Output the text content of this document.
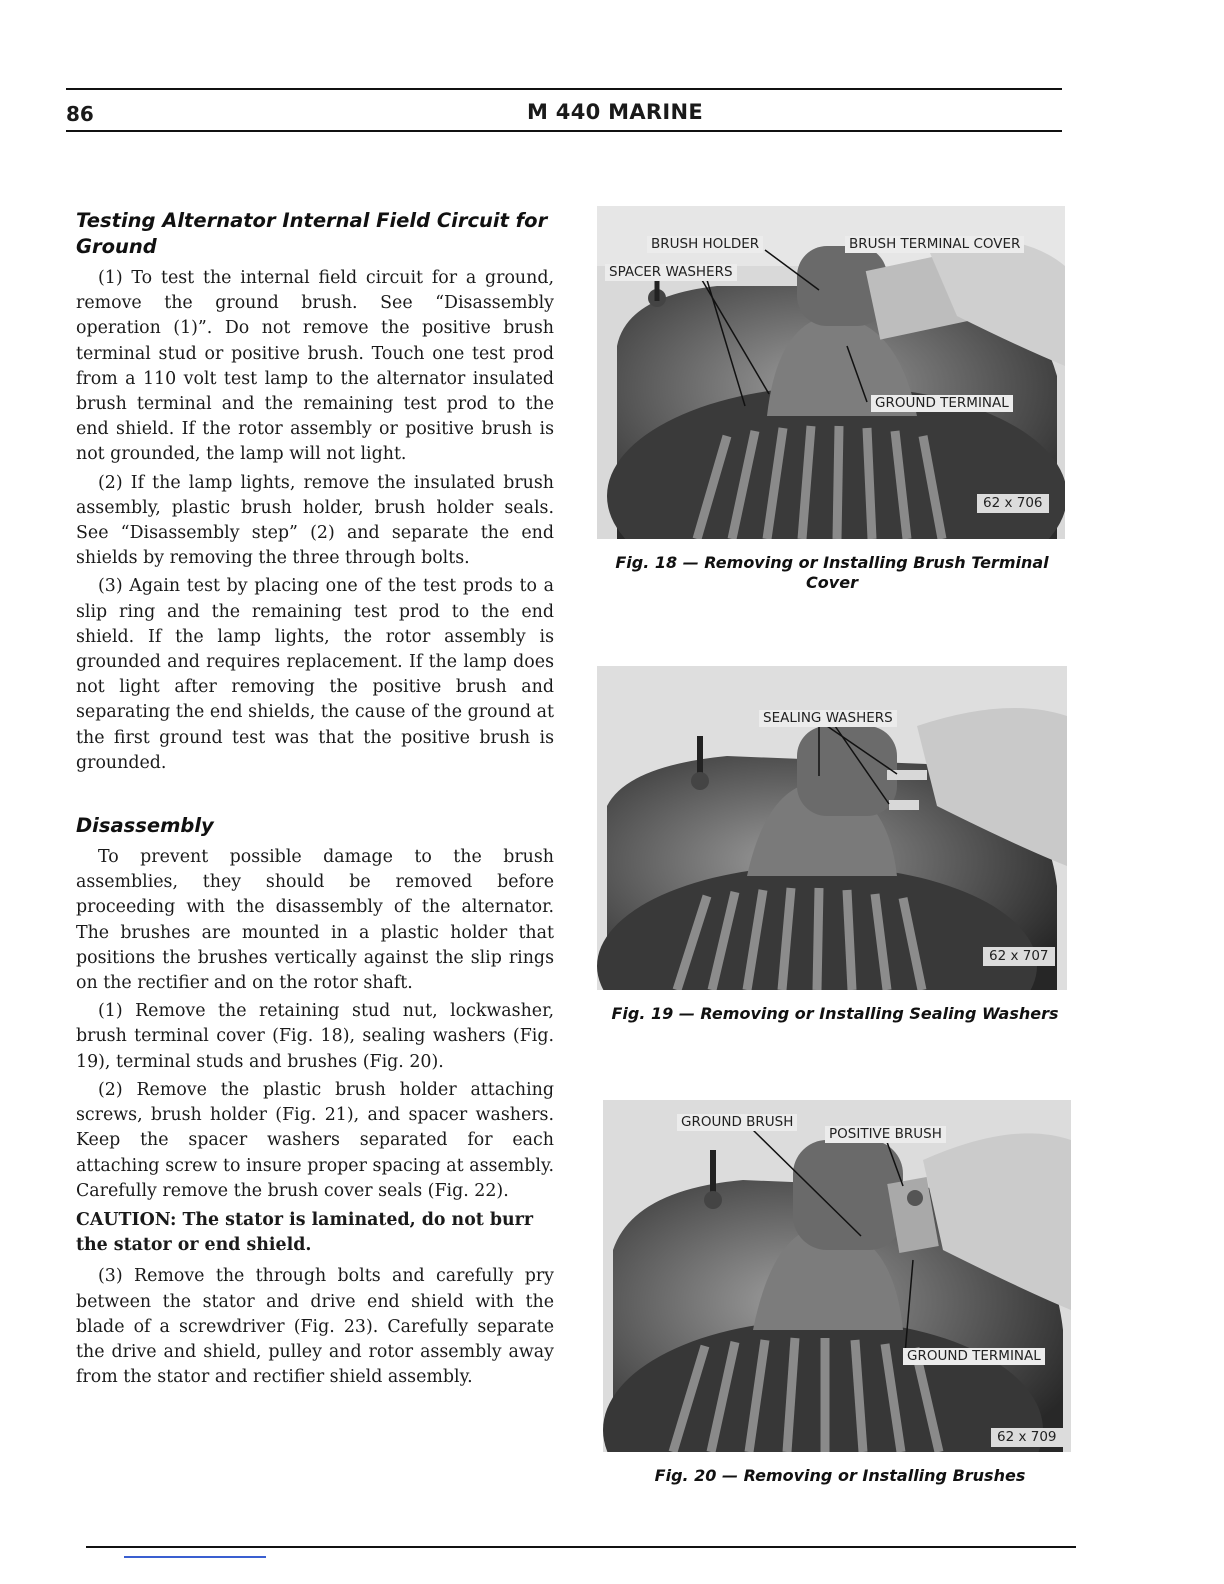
86	M 440 MARINE
Testing Alternator Internal Field Circuit for Ground

(1) To test the internal field circuit for a ground, remove the ground brush. See “Disassembly operation (1)”. Do not remove the positive brush terminal stud or positive brush. Touch one test prod from a 110 volt test lamp to the alternator insulated brush terminal and the remaining test prod to the end shield. If the rotor assembly or positive brush is not grounded, the lamp will not light.

(2) If the lamp lights, remove the insulated brush assembly, plastic brush holder, brush holder seals. See “Disassembly step” (2) and separate the end shields by removing the three through bolts.

(3) Again test by placing one of the test prods to a slip ring and the remaining test prod to the end shield. If the lamp lights, the rotor assembly is grounded and requires replacement. If the lamp does not light after removing the positive brush and separating the end shields, the cause of the ground at the first ground test was that the positive brush is grounded.

Disassembly

To prevent possible damage to the brush assemblies, they should be removed before proceeding with the disassembly of the alternator. The brushes are mounted in a plastic holder that positions the brushes vertically against the slip rings on the rectifier and on the rotor shaft.

(1) Remove the retaining stud nut, lockwasher, brush terminal cover (Fig. 18), sealing washers (Fig. 19), terminal studs and brushes (Fig. 20).

(2) Remove the plastic brush holder attaching screws, brush holder (Fig. 21), and spacer washers. Keep the spacer washers separated for each attaching screw to insure proper spacing at assembly. Carefully remove the brush cover seals (Fig. 22).

CAUTION: The stator is laminated, do not burr the stator or end shield.

(3) Remove the through bolts and carefully pry between the stator and drive end shield with the blade of a screwdriver (Fig. 23). Carefully separate the drive and shield, pulley and rotor assembly away from the stator and rectifier shield assembly.

BRUSH HOLDER
SPACER WASHERS
BRUSH TERMINAL COVER
GROUND TERMINAL
62 x 706
Fig. 18 — Removing or Installing Brush Terminal Cover
SEALING WASHERS
62 x 707
Fig. 19 — Removing or Installing Sealing Washers
GROUND BRUSH
POSITIVE BRUSH
GROUND TERMINAL
62 x 709
Fig. 20 — Removing or Installing Brushes
